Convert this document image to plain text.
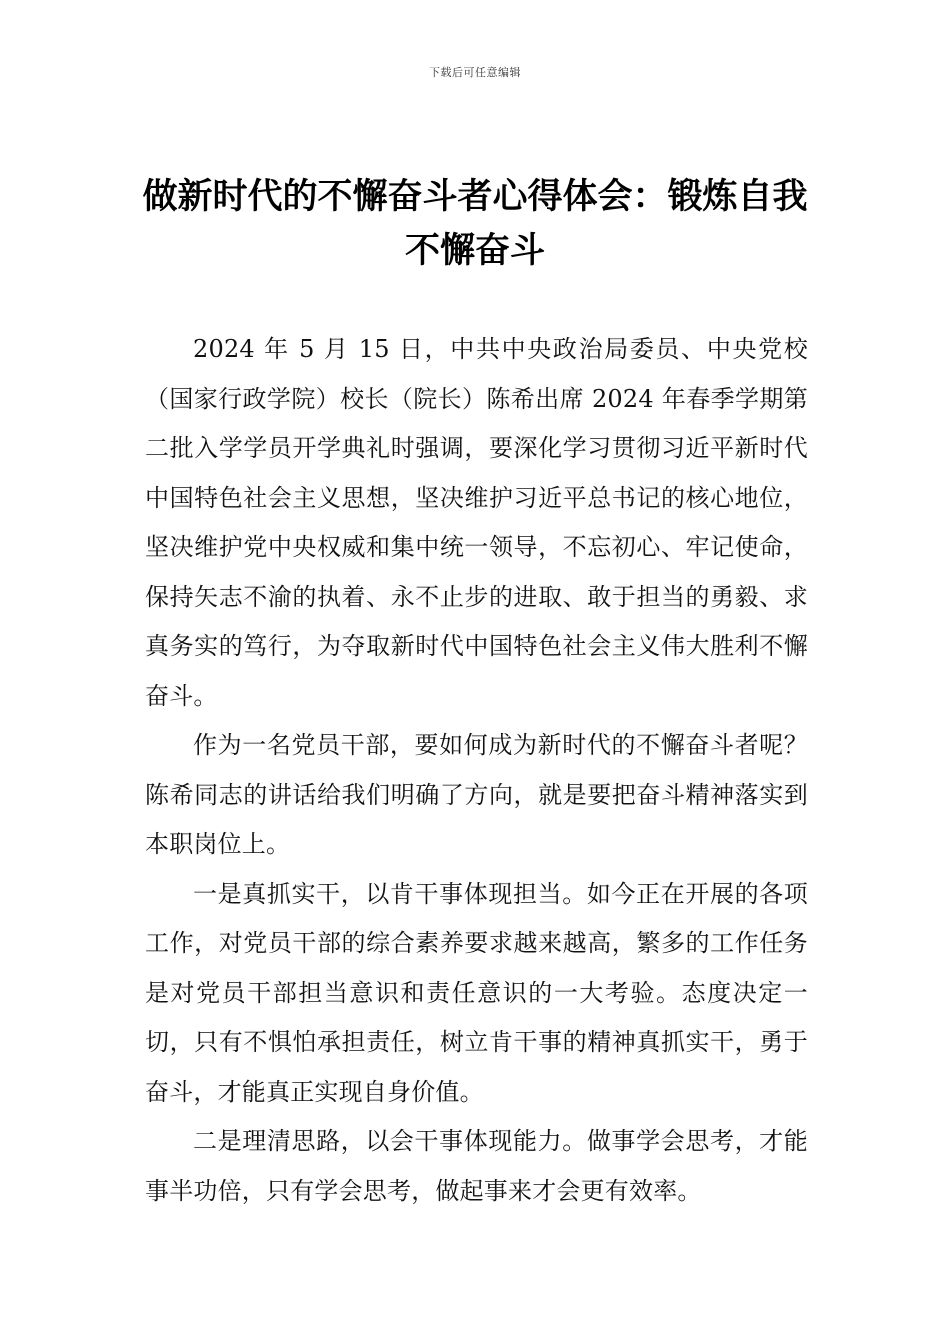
下载后可任意编辑
做新时代的不懈奋斗者心得体会：锻炼自我不懈奋斗

2024 年 5 月 15 日，中共中央政治局委员、中央党校（国家行政学院）校长（院长）陈希出席 2024 年春季学期第二批入学学员开学典礼时强调，要深化学习贯彻习近平新时代中国特色社会主义思想，坚决维护习近平总书记的核心地位，坚决维护党中央权威和集中统一领导，不忘初心、牢记使命，保持矢志不渝的执着、永不止步的进取、敢于担当的勇毅、求真务实的笃行，为夺取新时代中国特色社会主义伟大胜利不懈奋斗。

作为一名党员干部，要如何成为新时代的不懈奋斗者呢？陈希同志的讲话给我们明确了方向，就是要把奋斗精神落实到本职岗位上。

一是真抓实干，以肯干事体现担当。如今正在开展的各项工作，对党员干部的综合素养要求越来越高，繁多的工作任务是对党员干部担当意识和责任意识的一大考验。态度决定一切，只有不惧怕承担责任，树立肯干事的精神真抓实干，勇于奋斗，才能真正实现自身价值。

二是理清思路，以会干事体现能力。做事学会思考，才能事半功倍，只有学会思考，做起事来才会更有效率。
